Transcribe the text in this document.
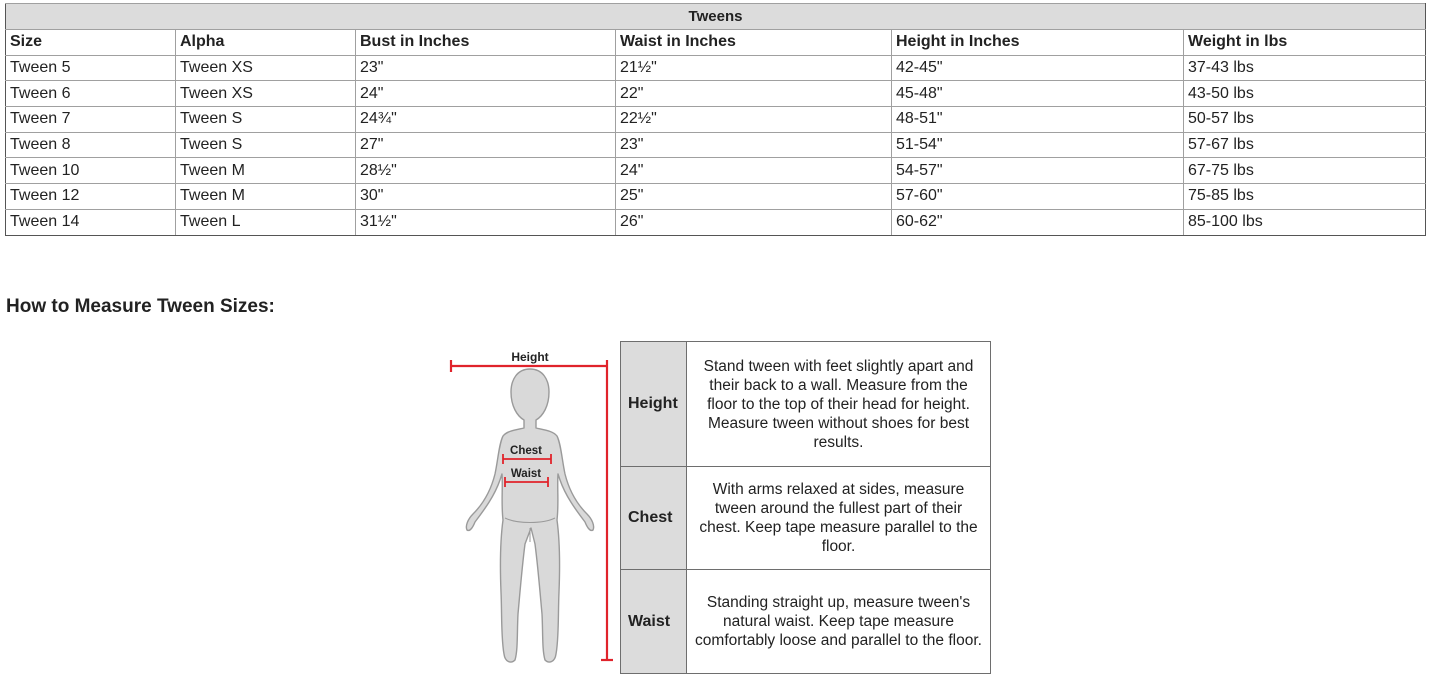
Tweens					
Size	Alpha	Bust in Inches	Waist in Inches	Height in Inches	Weight in lbs
Tween 5	Tween XS	23"	21½"	42-45"	37-43 lbs
Tween 6	Tween XS	24"	22"	45-48"	43-50 lbs
Tween 7	Tween S	24¾"	22½"	48-51"	50-57 lbs
Tween 8	Tween S	27"	23"	51-54"	57-67 lbs
Tween 10	Tween M	28½"	24"	54-57"	67-75 lbs
Tween 12	Tween M	30"	25"	57-60"	75-85 lbs
Tween 14	Tween L	31½"	26"	60-62"	85-100 lbs
How to Measure Tween Sizes:
Height
Chest
Waist
Height	Stand tween with feet slightly apart and their back to a wall. Measure from the floor to the top of their head for height. Measure tween without shoes for best results.
Chest	With arms relaxed at sides, measure tween around the fullest part of their chest. Keep tape measure parallel to the floor.
Waist	Standing straight up, measure tween's natural waist. Keep tape measure comfortably loose and parallel to the floor.
